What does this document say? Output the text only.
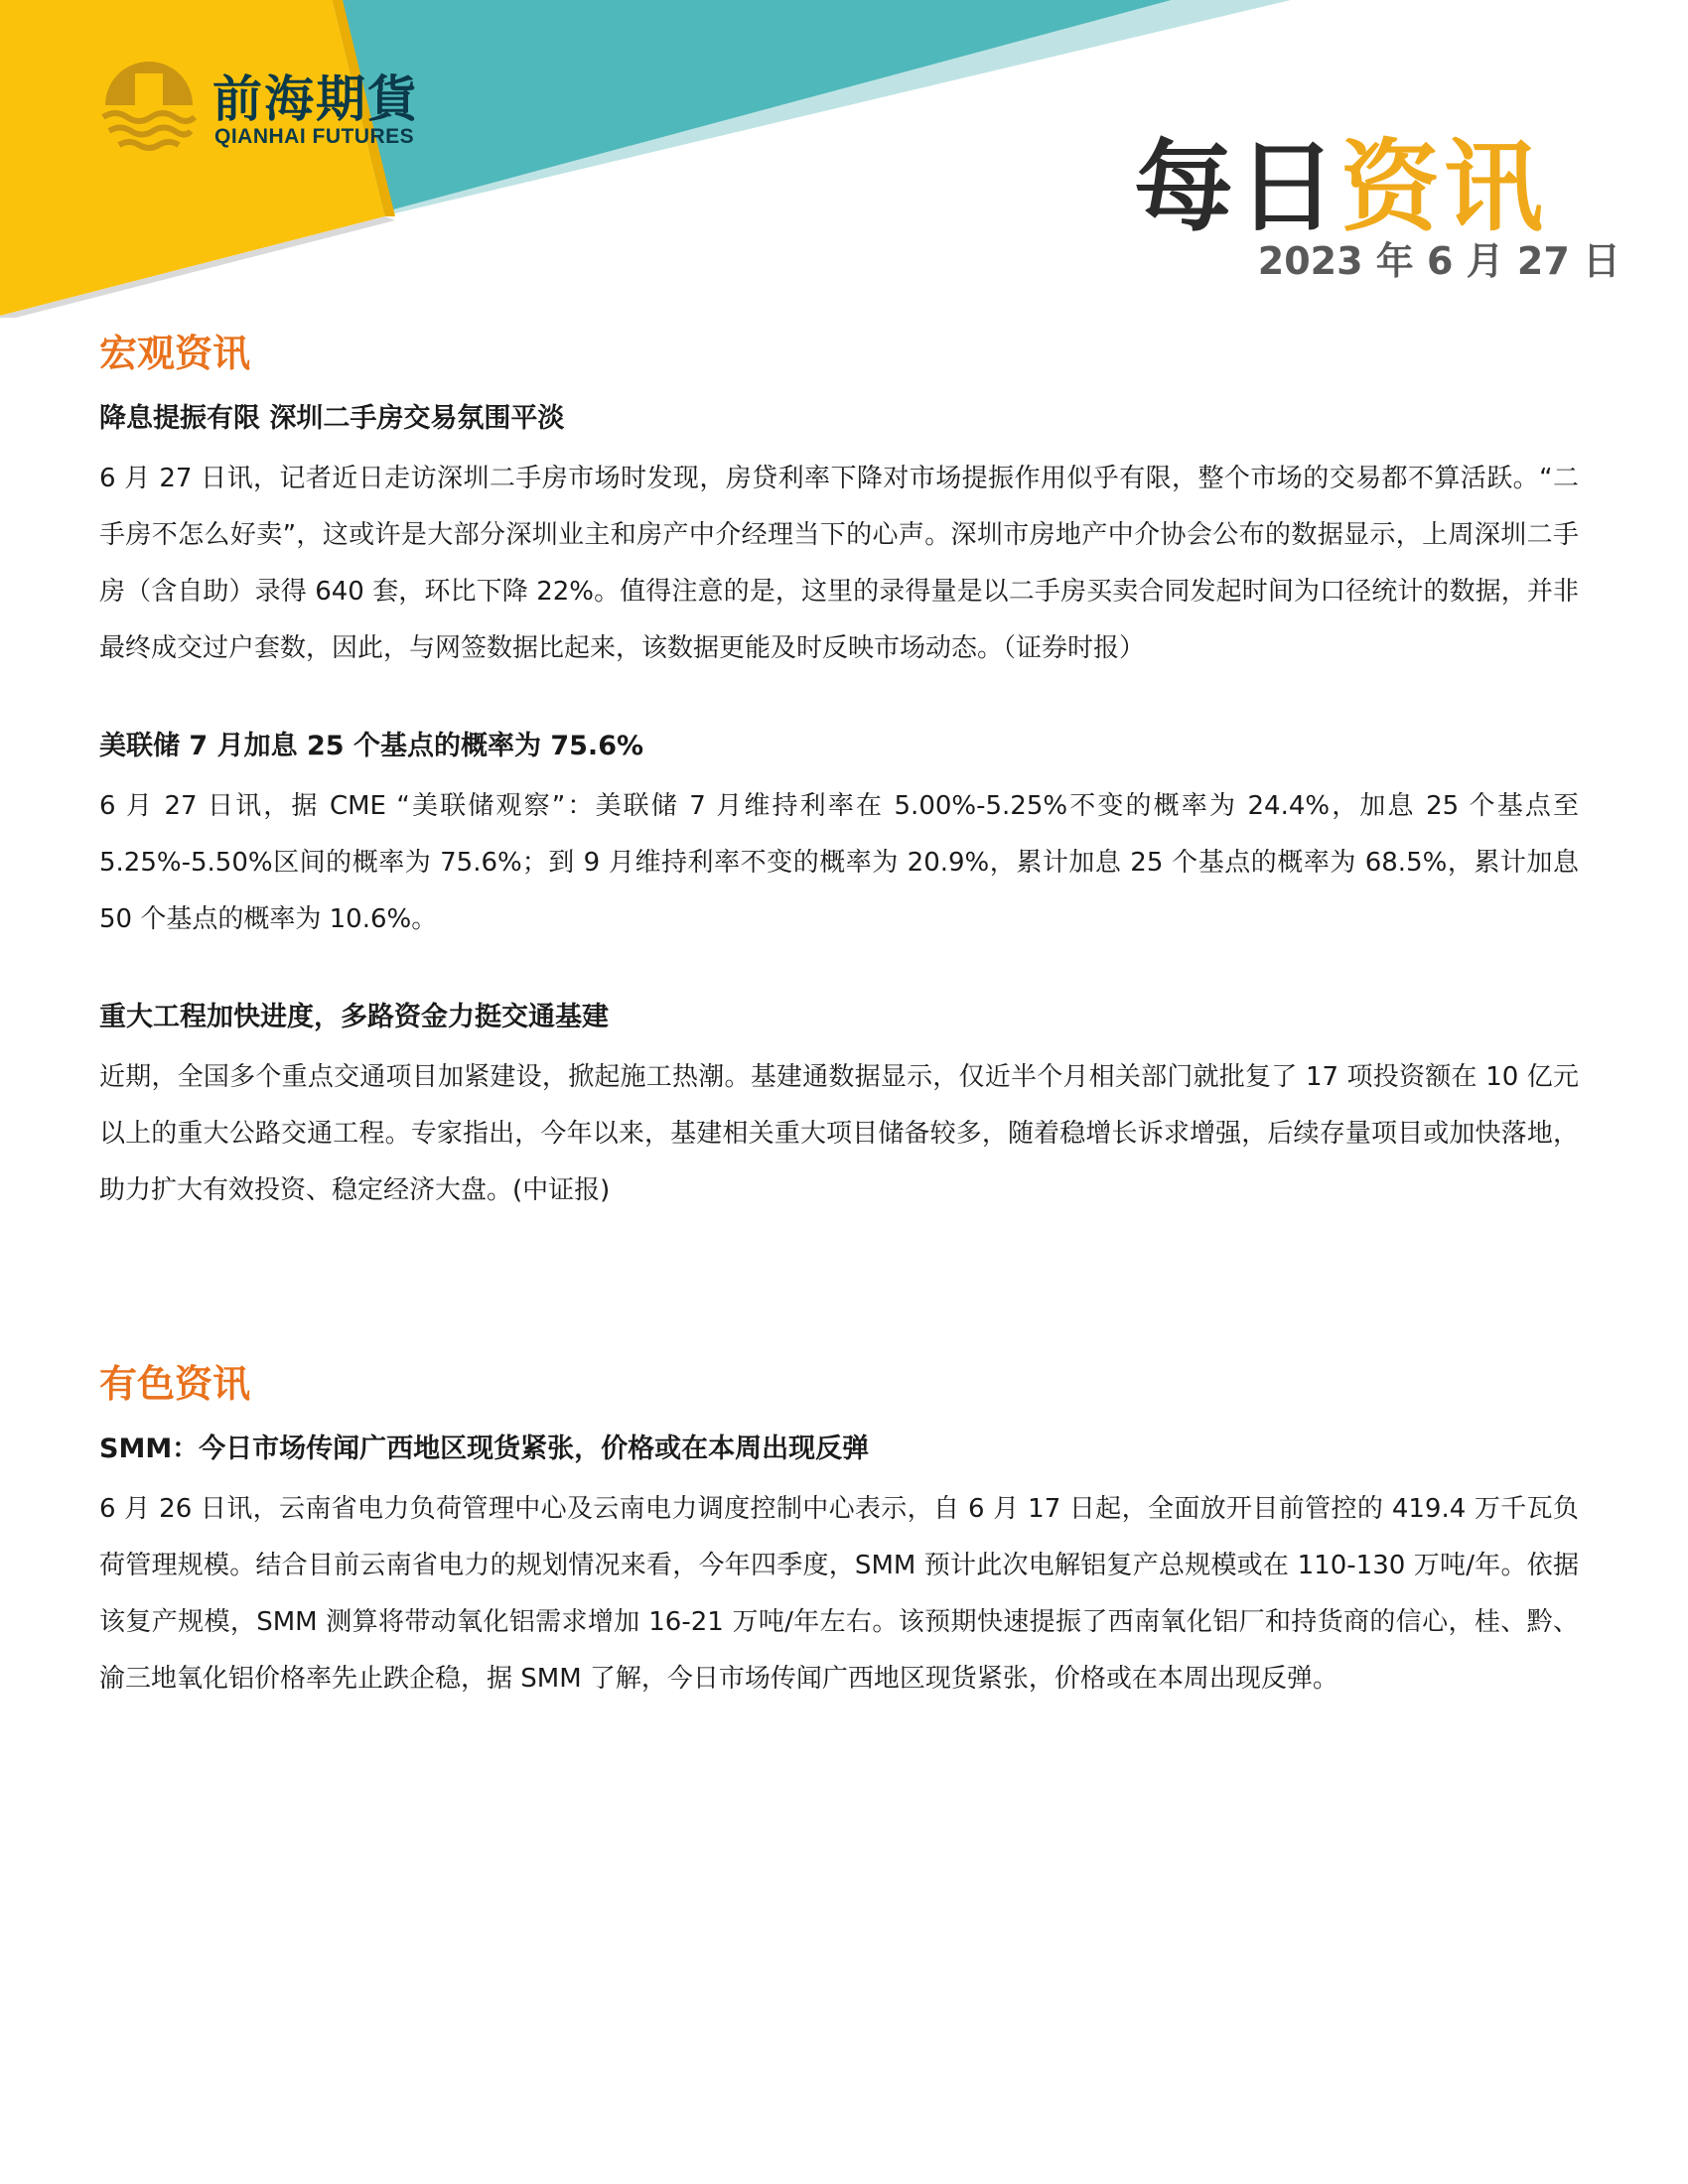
前海期貨
QIANHAI FUTURES	每日资讯
2023 年 6 月 27 日
宏观资讯
降息提振有限 深圳二手房交易氛围平淡

6 月 27 日讯，记者近日走访深圳二手房市场时发现，房贷利率下降对市场提振作用似乎有限，整个市场的交易都不算活跃。“二手房不怎么好卖”，这或许是大部分深圳业主和房产中介经理当下的心声。深圳市房地产中介协会公布的数据显示，上周深圳二手房（含自助）录得 640 套，环比下降 22%。值得注意的是，这里的录得量是以二手房买卖合同发起时间为口径统计的数据，并非最终成交过户套数，因此，与网签数据比起来，该数据更能及时反映市场动态。（证券时报）

美联储 7 月加息 25 个基点的概率为 75.6%

6 月 27 日讯，据 CME “美联储观察”：美联储 7 月维持利率在 5.00%-5.25%不变的概率为 24.4%，加息 25 个基点至 5.25%-5.50%区间的概率为 75.6%；到 9 月维持利率不变的概率为 20.9%，累计加息 25 个基点的概率为 68.5%，累计加息 50 个基点的概率为 10.6%。

重大工程加快进度，多路资金力挺交通基建

近期，全国多个重点交通项目加紧建设，掀起施工热潮。基建通数据显示，仅近半个月相关部门就批复了 17 项投资额在 10 亿元以上的重大公路交通工程。专家指出，今年以来，基建相关重大项目储备较多，随着稳增长诉求增强，后续存量项目或加快落地，助力扩大有效投资、稳定经济大盘。(中证报)

有色资讯
SMM：今日市场传闻广西地区现货紧张，价格或在本周出现反弹

6 月 26 日讯，云南省电力负荷管理中心及云南电力调度控制中心表示，自 6 月 17 日起，全面放开目前管控的 419.4 万千瓦负荷管理规模。结合目前云南省电力的规划情况来看，今年四季度，SMM 预计此次电解铝复产总规模或在 110-130 万吨/年。依据该复产规模，SMM 测算将带动氧化铝需求增加 16-21 万吨/年左右。该预期快速提振了西南氧化铝厂和持货商的信心，桂、黔、渝三地氧化铝价格率先止跌企稳，据 SMM 了解，今日市场传闻广西地区现货紧张，价格或在本周出现反弹。
